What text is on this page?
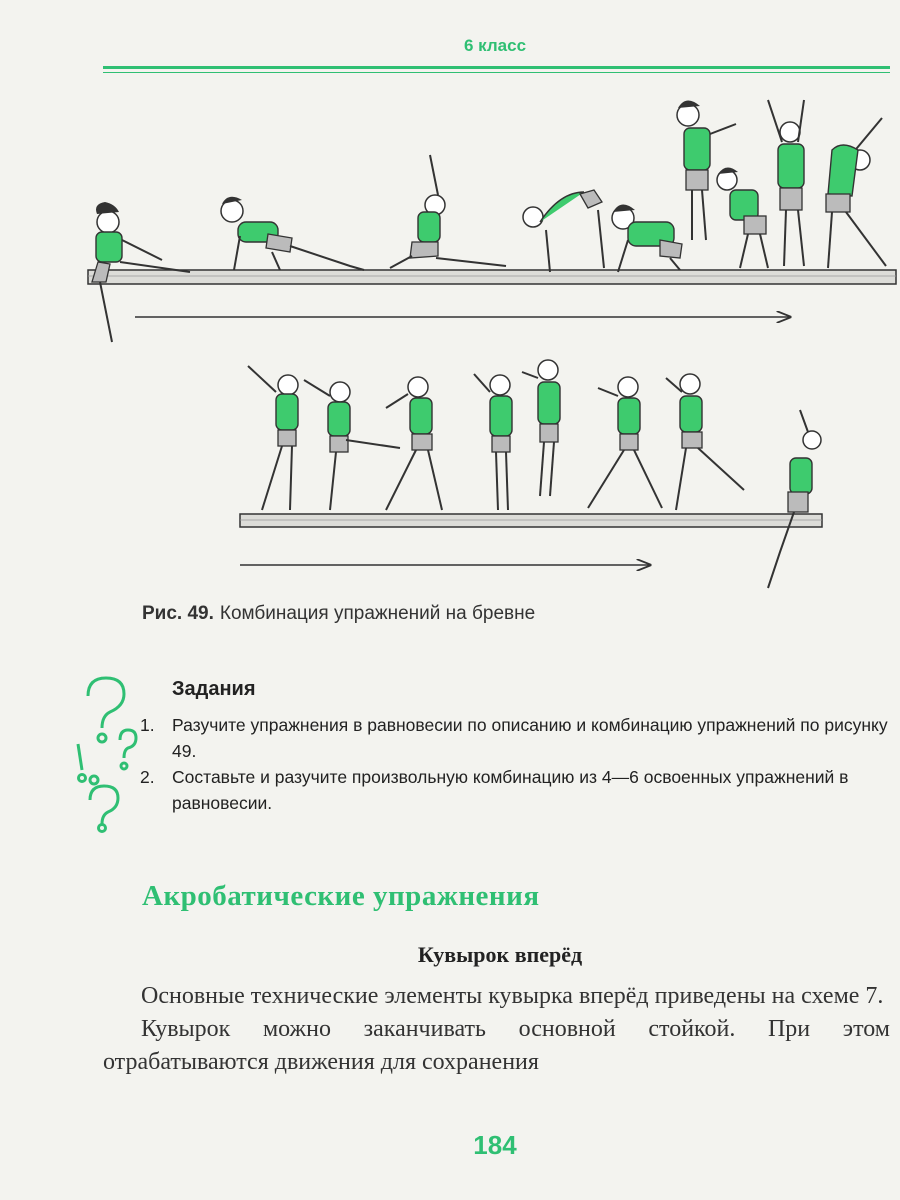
6 класс
Рис. 49. Комбинация упражнений на бревне
Задания
1. Разучите упражнения в равновесии по описанию и комбинацию упражнений по рисунку 49.
2. Составьте и разучите произвольную комбинацию из 4—6 освоенных упражнений в равновесии.
Акробатические упражнения
Кувырок вперёд

Основные технические элементы кувырка вперёд приведены на схеме 7.

Кувырок можно заканчивать основной стойкой. При этом отрабатываются движения для сохранения

184
